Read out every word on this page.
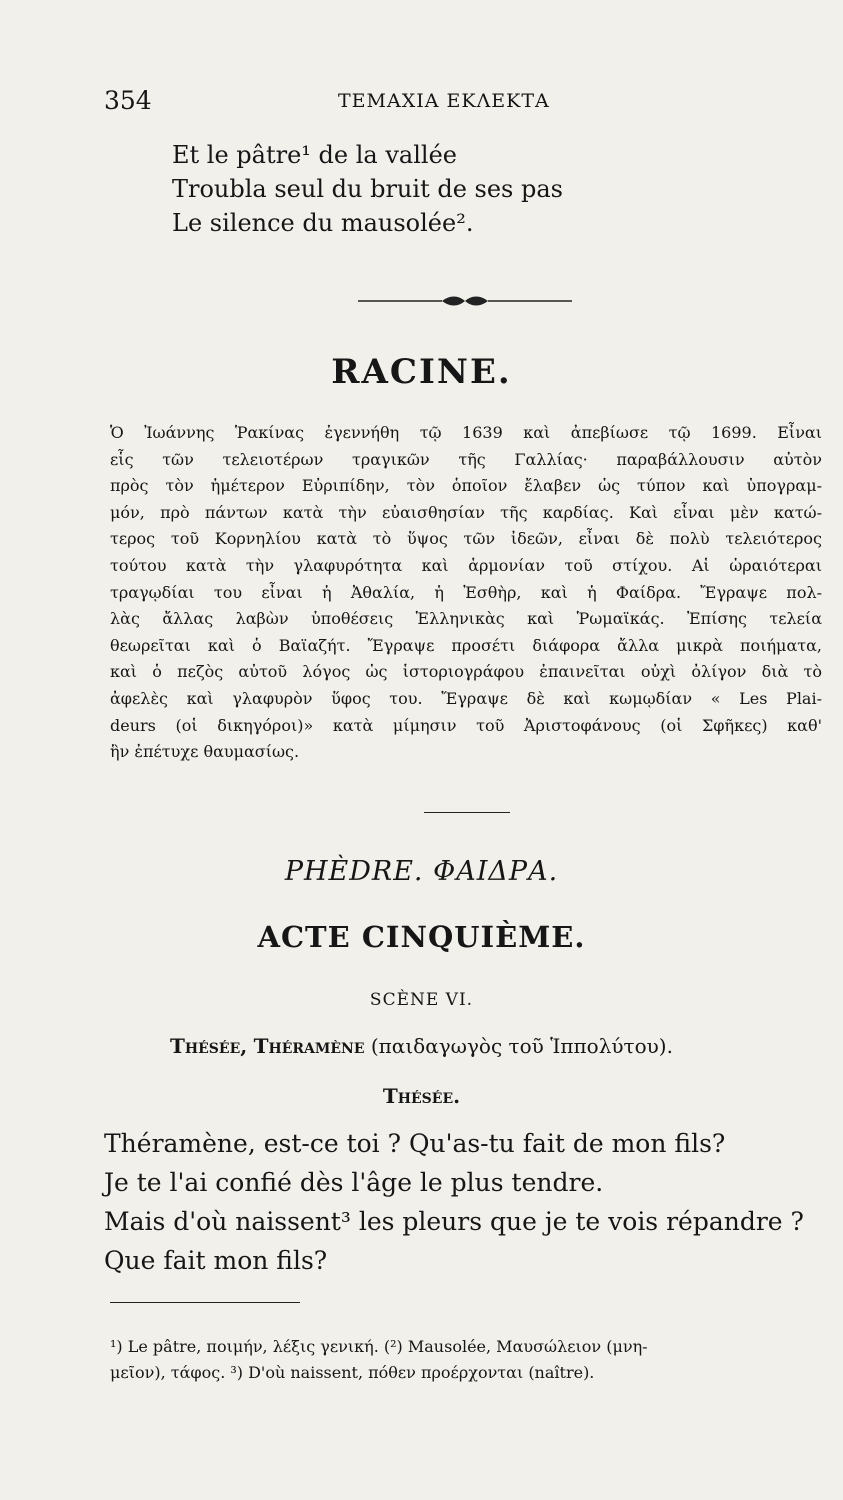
354	ΤΕΜΑΧΙΑ ΕΚΛΕΚΤΑ
Et le pâtre¹ de la vallée
Troubla seul du bruit de ses pas
Le silence du mausolée².
RACINE.
Ὁ Ἰωάννης Ῥακίνας ἐγεννήθη τῷ 1639 καὶ ἀπεβίωσε τῷ 1699. Εἶναι
εἷς τῶν τελειοτέρων τραγικῶν τῆς Γαλλίας· παραβάλλουσιν αὐτὸν
πρὸς τὸν ἡμέτερον Εὐριπίδην, τὸν ὁποῖον ἔλαβεν ὡς τύπον καὶ ὑπογραμ-
μόν, πρὸ πάντων κατὰ τὴν εὐαισθησίαν τῆς καρδίας. Καὶ εἶναι μὲν κατώ-
τερος τοῦ Κορνηλίου κατὰ τὸ ὕψος τῶν ἰδεῶν, εἶναι δὲ πολὺ τελειότερος
τούτου κατὰ τὴν γλαφυρότητα καὶ ἁρμονίαν τοῦ στίχου. Αἱ ὡραιότεραι
τραγῳδίαι του εἶναι ἡ Ἀθαλία, ἡ Ἐσθὴρ, καὶ ἡ Φαίδρα. Ἔγραψε πολ-
λὰς ἄλλας λαβὼν ὑποθέσεις Ἑλληνικὰς καὶ Ῥωμαϊκάς. Ἐπίσης τελεία
θεωρεῖται καὶ ὁ Βαϊαζήτ. Ἔγραψε προσέτι διάφορα ἄλλα μικρὰ ποιήματα,
καὶ ὁ πεζὸς αὐτοῦ λόγος ὡς ἱστοριογράφου ἐπαινεῖται οὐχὶ ὀλίγον διὰ τὸ
ἀφελὲς καὶ γλαφυρὸν ὕφος του. Ἔγραψε δὲ καὶ κωμῳδίαν « Les Plai-
deurs (οἱ δικηγόροι)» κατὰ μίμησιν τοῦ Ἀριστοφάνους (οἱ Σφῆκες) καθ'
ἣν ἐπέτυχε θαυμασίως.
PHÈDRE. ΦΑΙΔΡΑ.
ACTE CINQUIÈME.
SCÈNE VI.
Thésée, Théramène (παιδαγωγὸς τοῦ Ἱππολύτου).
Thésée.
Théramène, est-ce toi ? Qu'as-tu fait de mon fils?
Je te l'ai confié dès l'âge le plus tendre.
Mais d'où naissent³ les pleurs que je te vois répandre ?
Que fait mon fils?
¹) Le pâtre, ποιμήν, λέξις γενική. (²) Mausolée, Μαυσώλειον (μνη-
μεῖον), τάφος. ³) D'où naissent, πόθεν προέρχονται (naître).
